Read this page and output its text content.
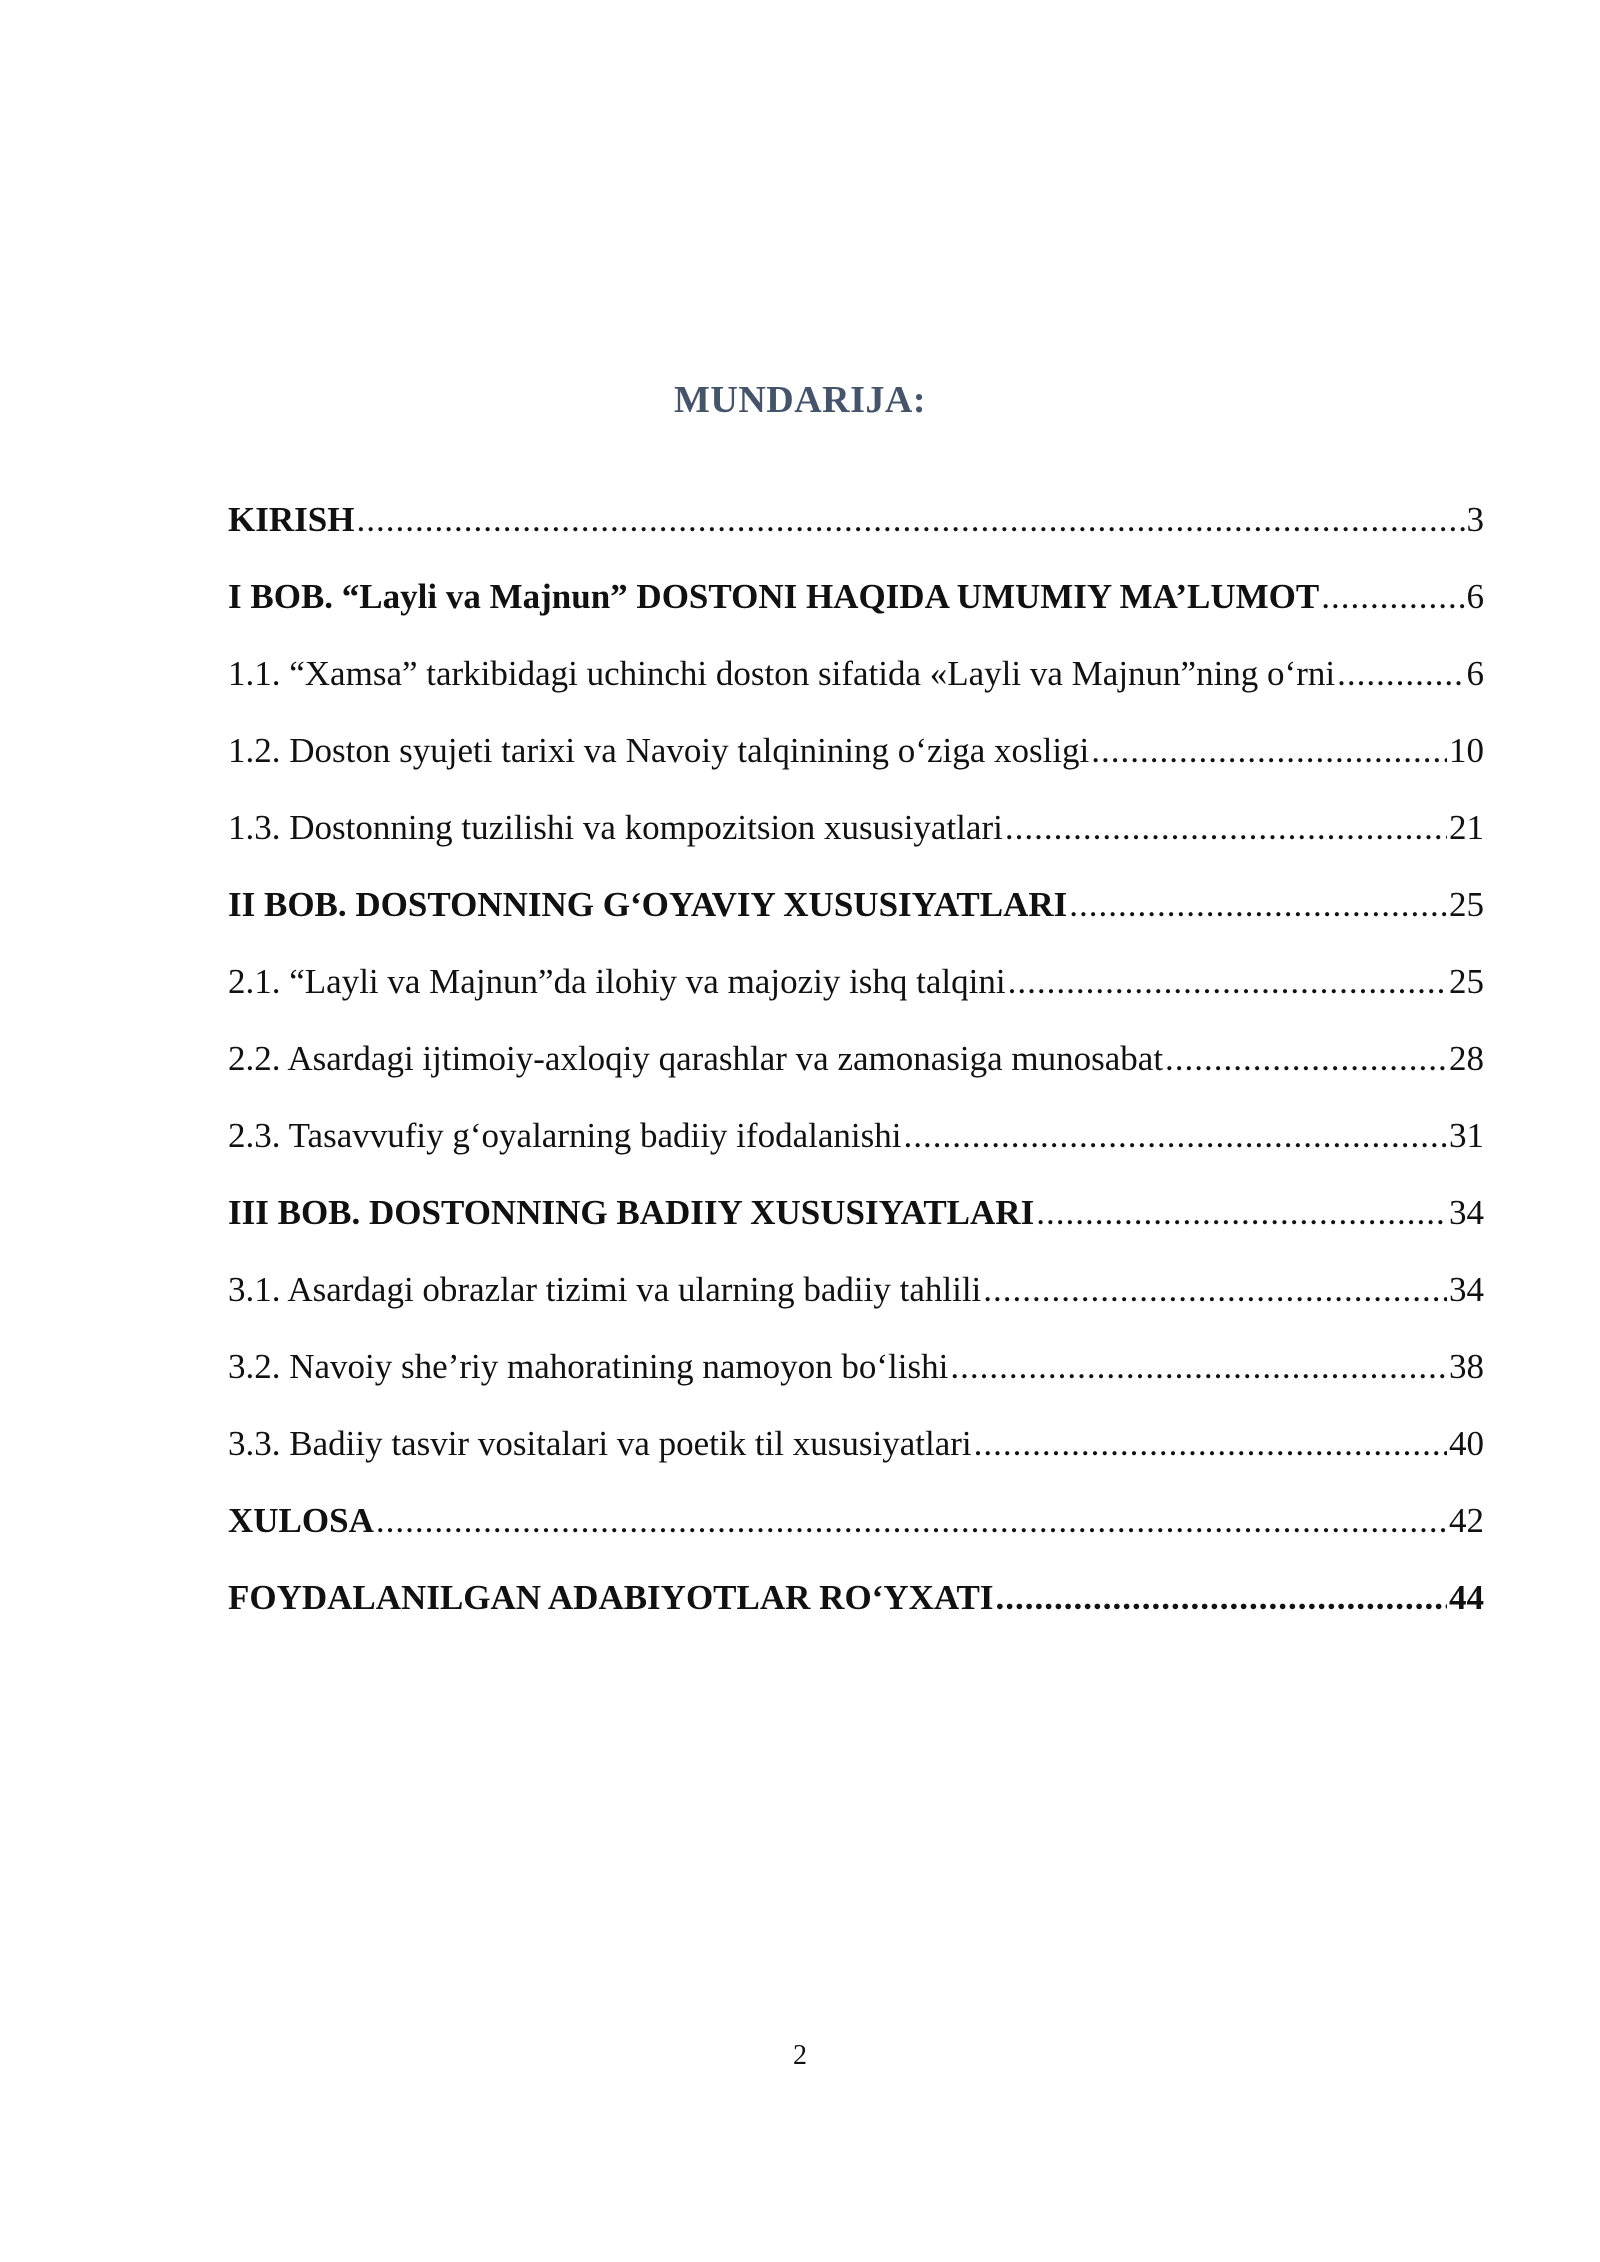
MUNDARIJA:
KIRISH .....	3
I BOB. “Layli va Majnun” DOSTONI HAQIDA UMUMIY MA’LUMOT .....	6
1.1. “Xamsa” tarkibidagi uchinchi doston sifatida «Layli va Majnun”ning o‘rni .....	6
1.2. Doston syujeti tarixi va Navoiy talqinining o‘ziga xosligi .....	10
1.3. Dostonning tuzilishi va kompozitsion xususiyatlari .....	21
II BOB. DOSTONNING G‘OYAVIY XUSUSIYATLARI .....	25
2.1. “Layli va Majnun”da ilohiy va majoziy ishq talqini .....	25
2.2. Asardagi ijtimoiy-axloqiy qarashlar va zamonasiga munosabat .....	28
2.3. Tasavvufiy g‘oyalarning badiiy ifodalanishi .....	31
III BOB. DOSTONNING BADIIY XUSUSIYATLARI .....	34
3.1. Asardagi obrazlar tizimi va ularning badiiy tahlili .....	34
3.2. Navoiy she’riy mahoratining namoyon bo‘lishi .....	38
3.3. Badiiy tasvir vositalari va poetik til xususiyatlari .....	40
XULOSA .....	42
FOYDALANILGAN ADABIYOTLAR RO‘YXATI .....	44
2
